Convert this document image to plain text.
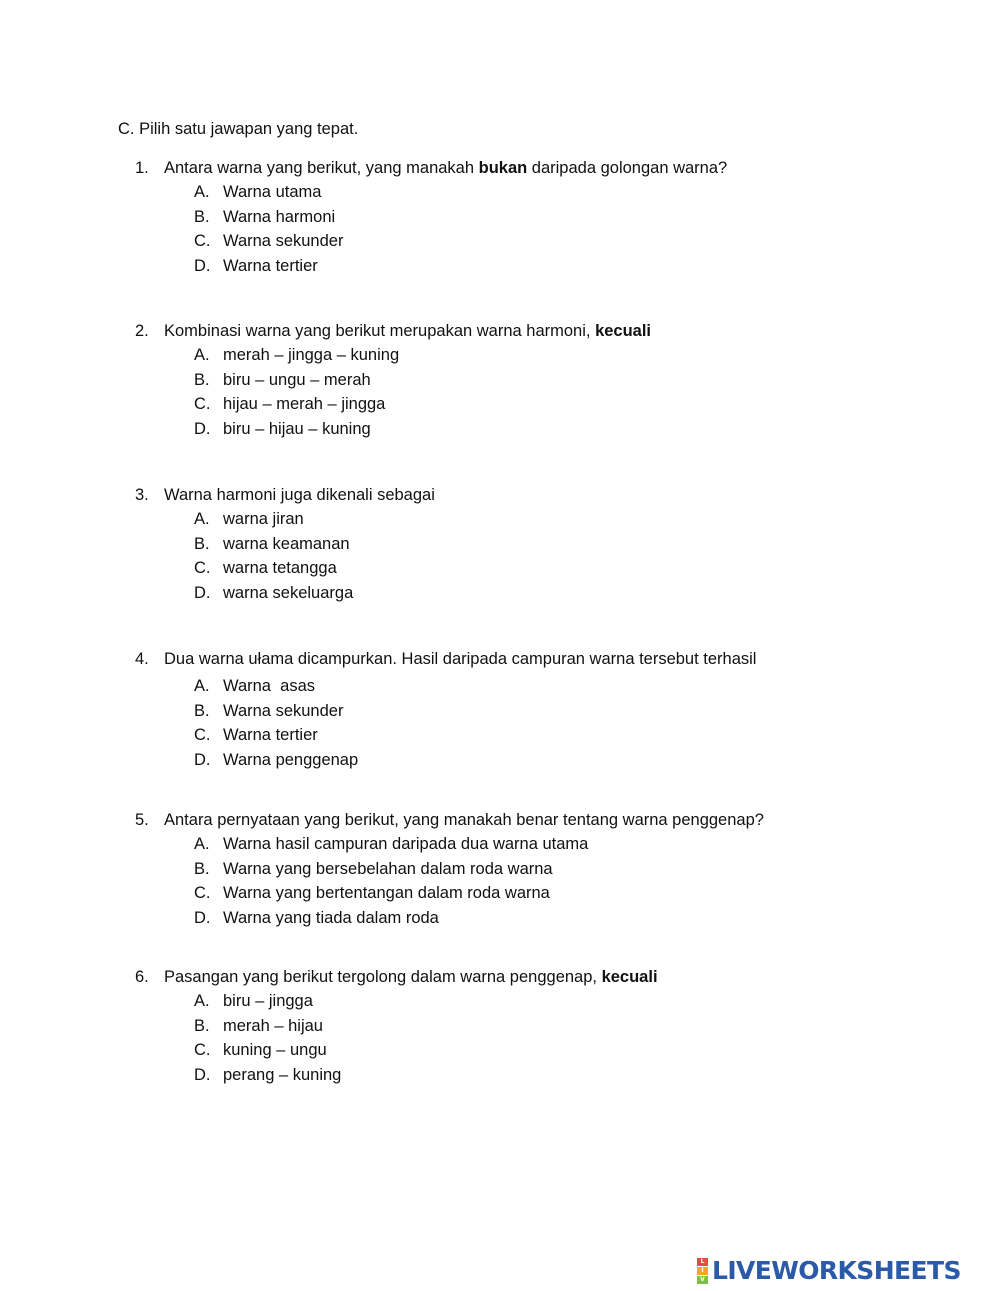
C. Pilih satu jawapan yang tepat.
1. Antara warna yang berikut, yang manakah bukan daripada golongan warna?
A. Warna utama
B. Warna harmoni
C. Warna sekunder
D. Warna tertier
2. Kombinasi warna yang berikut merupakan warna harmoni, kecuali
A. merah – jingga – kuning
B. biru – ungu – merah
C. hijau – merah – jingga
D. biru – hijau – kuning
3. Warna harmoni juga dikenali sebagai
A. warna jiran
B. warna keamanan
C. warna tetangga
D. warna sekeluarga
4. Dua warna ułama dicampurkan. Hasil daripada campuran warna tersebut terhasil
A. Warna  asas
B. Warna sekunder
C. Warna tertier
D. Warna penggenap
5. Antara pernyataan yang berikut, yang manakah benar tentang warna penggenap?
A. Warna hasil campuran daripada dua warna utama
B. Warna yang bersebelahan dalam roda warna
C. Warna yang bertentangan dalam roda warna
D. Warna yang tiada dalam roda
6. Pasangan yang berikut tergolong dalam warna penggenap, kecuali
A. biru – jingga
B. merah – hijau
C. kuning – ungu
D. perang – kuning
L
I
V LIVEWORKSHEETS
